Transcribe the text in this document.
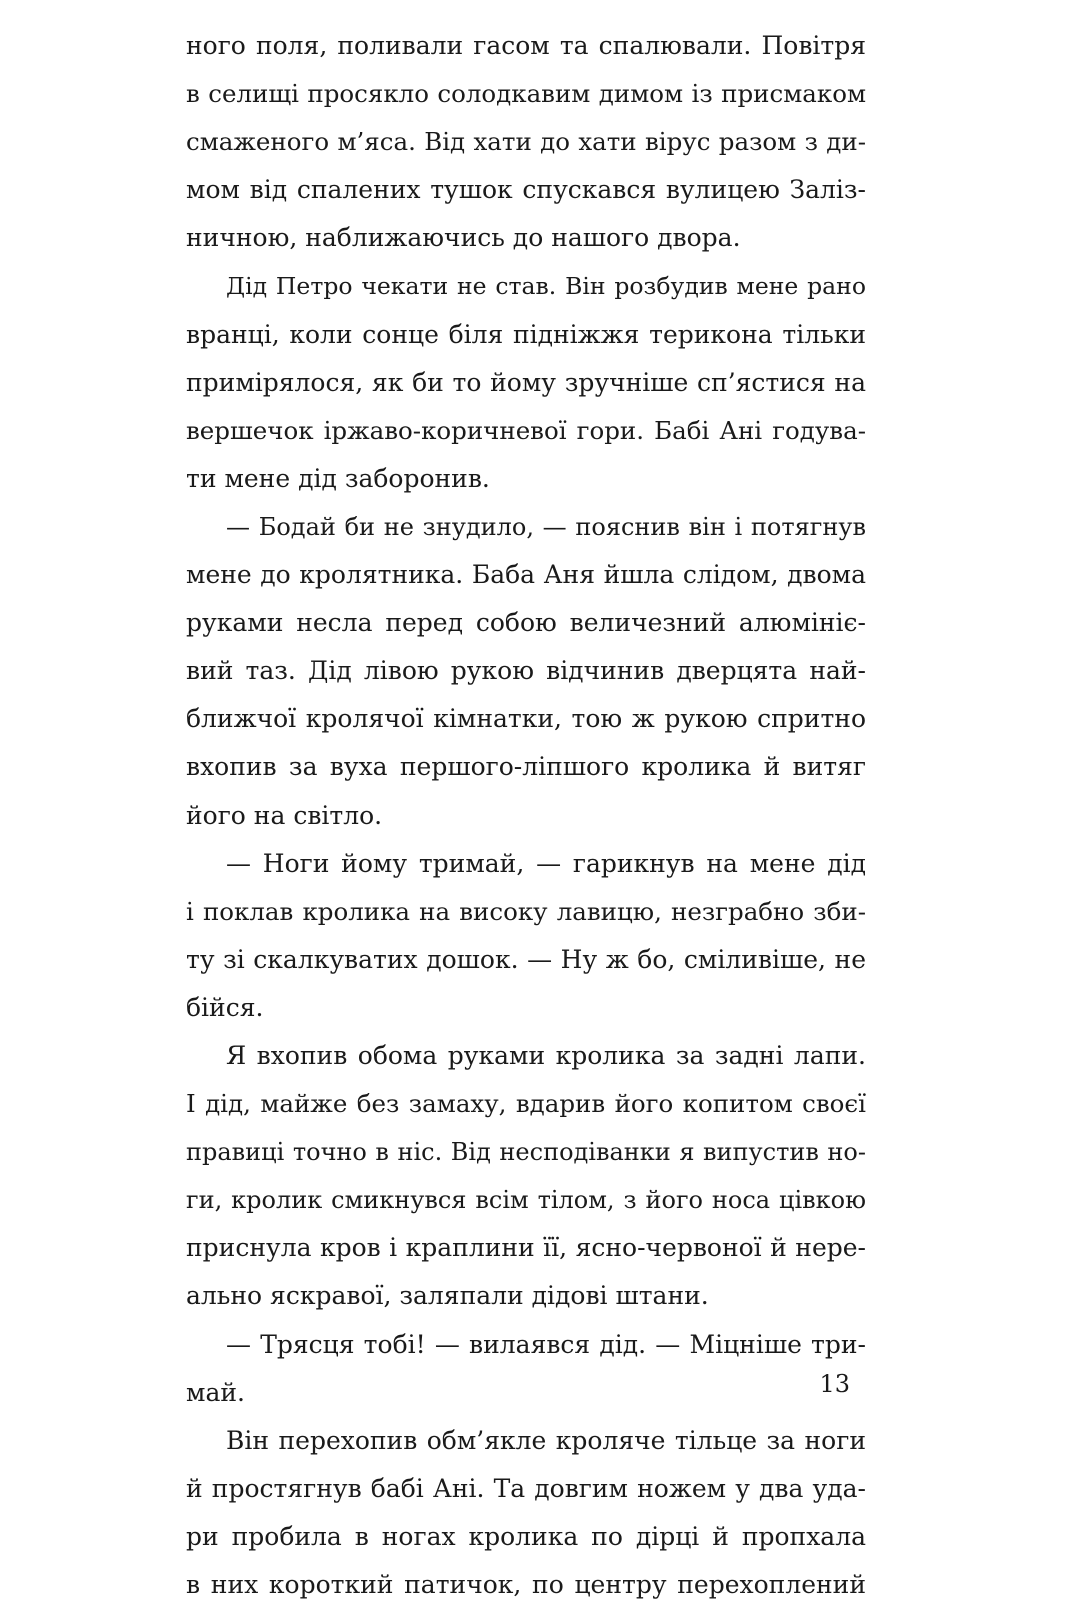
ного поля, поливали гасом та спалювали. Повітря
в селищі просякло солодкавим димом із присмаком
смаженого м’яса. Від хати до хати вірус разом з ди-
мом від спалених тушок спускався вулицею Заліз-
ничною, наближаючись до нашого двора.
Дід Петро чекати не став. Він розбудив мене рано
вранці, коли сонце біля підніжжя терикона тільки
примірялося, як би то йому зручніше сп’ястися на
вершечок іржаво-коричневої гори. Бабі Ані годува-
ти мене дід заборонив.
— Бодай би не знудило, — пояснив він і потягнув
мене до кролятника. Баба Аня йшла слідом, двома
руками несла перед собою величезний алюмініє-
вий таз. Дід лівою рукою відчинив дверцята най-
ближчої кролячої кімнатки, тою ж рукою спритно
вхопив за вуха першого-ліпшого кролика й витяг
його на світло.
— Ноги йому тримай, — гарикнув на мене дід
і поклав кролика на високу лавицю, незграбно зби-
ту зі скалкуватих дошок. — Ну ж бо, сміливіше, не
бійся.
Я вхопив обома руками кролика за задні лапи.
І дід, майже без замаху, вдарив його копитом своєї
правиці точно в ніс. Від несподіванки я випустив но-
ги, кролик смикнувся всім тілом, з його носа цівкою
приснула кров і краплини її, ясно-червоної й нере-
ально яскравої, заляпали дідові штани.
— Трясця тобі! — вилаявся дід. — Міцніше три-
май.
Він перехопив обм’якле кроляче тільце за ноги
й простягнув бабі Ані. Та довгим ножем у два уда-
ри пробила в ногах кролика по дірці й пропхала
в них короткий патичок, по центру перехоплений
13
